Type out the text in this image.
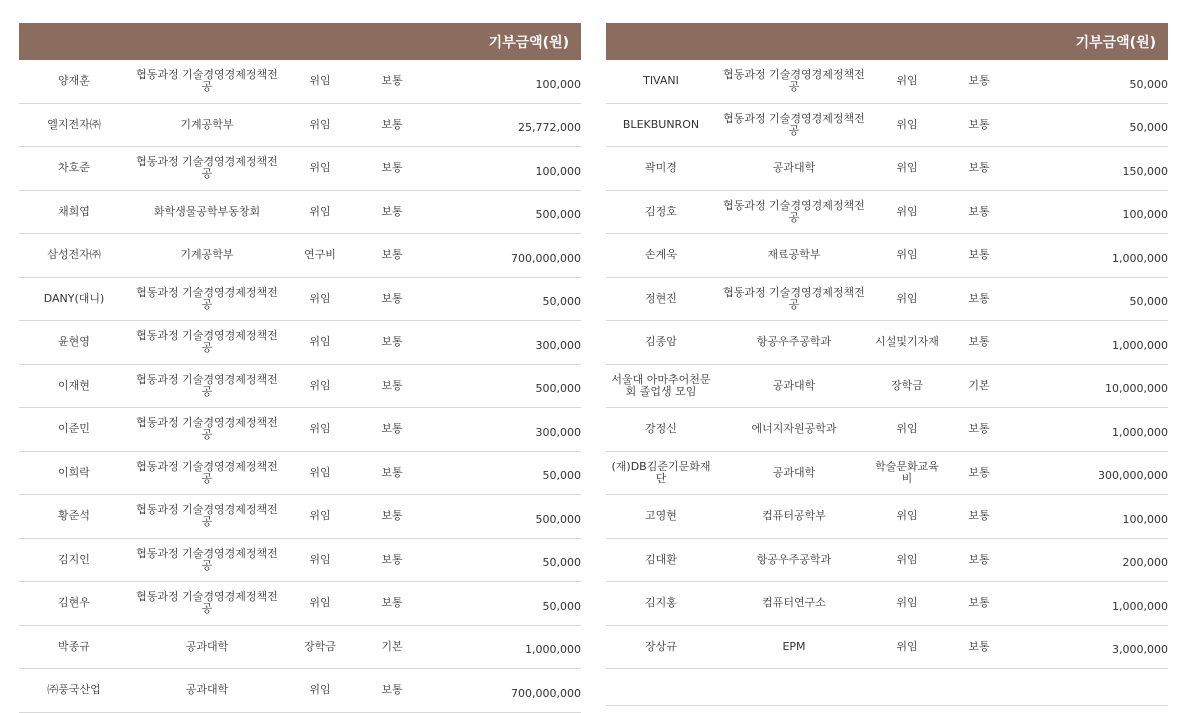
				기부금액(원)
양재훈	협동과정 기술경영경제정책전공	위임	보통	100,000
엘지전자㈜	기계공학부	위임	보통	25,772,000
차호준	협동과정 기술경영경제정책전공	위임	보통	100,000
채희엽	화학생물공학부동창회	위임	보통	500,000
삼성전자㈜	기계공학부	연구비	보통	700,000,000
DANY(대니)	협동과정 기술경영경제정책전공	위임	보통	50,000
윤현영	협동과정 기술경영경제정책전공	위임	보통	300,000
이재현	협동과정 기술경영경제정책전공	위임	보통	500,000
이준민	협동과정 기술경영경제정책전공	위임	보통	300,000
이희락	협동과정 기술경영경제정책전공	위임	보통	50,000
황준석	협동과정 기술경영경제정책전공	위임	보통	500,000
김지인	협동과정 기술경영경제정책전공	위임	보통	50,000
김현우	협동과정 기술경영경제정책전공	위임	보통	50,000
박종규	공과대학	장학금	기본	1,000,000
㈜풍국산업	공과대학	위임	보통	700,000,000
				기부금액(원)
TIVANI	협동과정 기술경영경제정책전공	위임	보통	50,000
BLEKBUNRON	협동과정 기술경영경제정책전공	위임	보통	50,000
곽미경	공과대학	위임	보통	150,000
김정호	협동과정 기술경영경제정책전공	위임	보통	100,000
손계욱	재료공학부	위임	보통	1,000,000
정현진	협동과정 기술경영경제정책전공	위임	보통	50,000
김종암	항공우주공학과	시설및기자재	보통	1,000,000
서울대 아마추어천문회 졸업생 모임	공과대학	장학금	기본	10,000,000
강정신	에너지자원공학과	위임	보통	1,000,000
(재)DB김준기문화재단	공과대학	학술문화교육비	보통	300,000,000
고영현	컴퓨터공학부	위임	보통	100,000
김대환	항공우주공학과	위임	보통	200,000
김지홍	컴퓨터연구소	위임	보통	1,000,000
장상규	EPM	위임	보통	3,000,000
